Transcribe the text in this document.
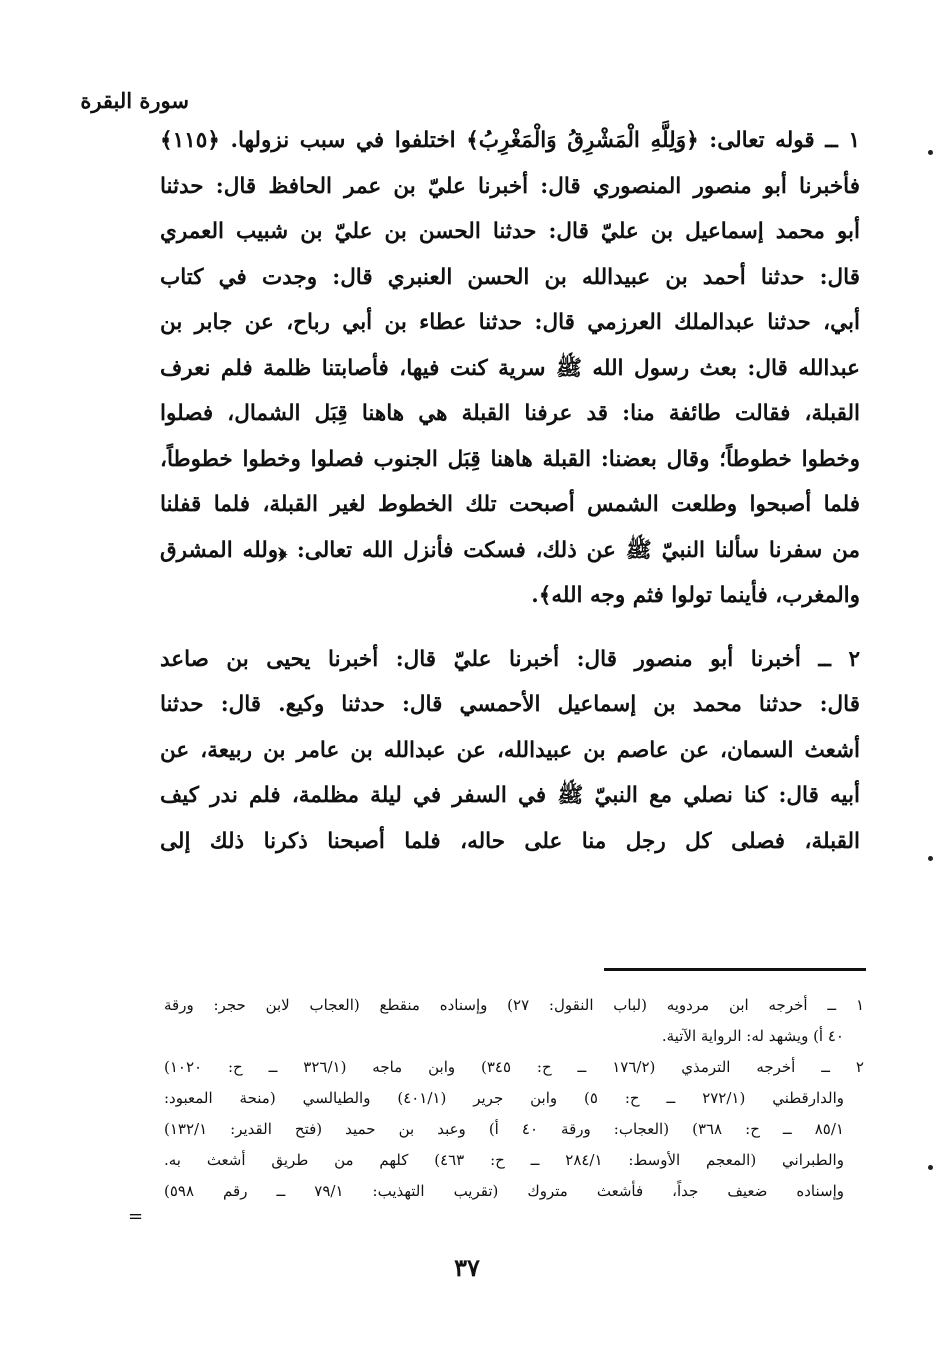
سورة البقرة
١ ــ قوله تعالى: ﴿وَلِلَّهِ الْمَشْرِقُ وَالْمَغْرِبُ﴾ اختلفوا في سبب نزولها. ﴿١١٥﴾
فأخبرنا أبو منصور المنصوري قال: أخبرنا عليّ بن عمر الحافظ قال: حدثنا
أبو محمد إسماعيل بن عليّ قال: حدثنا الحسن بن عليّ بن شبيب العمري
قال: حدثنا أحمد بن عبيدالله بن الحسن العنبري قال: وجدت في كتاب
أبي، حدثنا عبدالملك العرزمي قال: حدثنا عطاء بن أبي رباح، عن جابر بن
عبدالله قال: بعث رسول الله ﷺ سرية كنت فيها، فأصابتنا ظلمة فلم نعرف
القبلة، فقالت طائفة منا: قد عرفنا القبلة هي هاهنا قِبَل الشمال، فصلوا
وخطوا خطوطاً؛ وقال بعضنا: القبلة هاهنا قِبَل الجنوب فصلوا وخطوا خطوطاً،
فلما أصبحوا وطلعت الشمس أصبحت تلك الخطوط لغير القبلة، فلما قفلنا
من سفرنا سألنا النبيّ ﷺ عن ذلك، فسكت فأنزل الله تعالى: ﴿ولله المشرق
والمغرب، فأينما تولوا فثم وجه الله﴾.
٢ ــ أخبرنا أبو منصور قال: أخبرنا عليّ قال: أخبرنا يحيى بن صاعد
قال: حدثنا محمد بن إسماعيل الأحمسي قال: حدثنا وكيع. قال: حدثنا
أشعث السمان، عن عاصم بن عبيدالله، عن عبدالله بن عامر بن ربيعة، عن
أبيه قال: كنا نصلي مع النبيّ ﷺ في السفر في ليلة مظلمة، فلم ندر كيف
القبلة، فصلى كل رجل منا على حاله، فلما أصبحنا ذكرنا ذلك إلى
١ ــ أخرجه ابن مردويه (لباب النقول: ٢٧) وإسناده منقطع (العجاب لابن حجر: ورقة
٤٠ أ) ويشهد له: الرواية الآتية.
٢ ــ أخرجه الترمذي (١٧٦/٢ ــ ح: ٣٤٥) وابن ماجه (٣٢٦/١ ــ ح: ١٠٢٠)
والدارقطني (٢٧٢/١ ــ ح: ٥) وابن جرير (٤٠١/١) والطيالسي (منحة المعبود:
٨٥/١ ــ ح: ٣٦٨) (العجاب: ورقة ٤٠ أ) وعبد بن حميد (فتح القدير: ١٣٢/١)
والطبراني (المعجم الأوسط: ٢٨٤/١ ــ ح: ٤٦٣) كلهم من طريق أشعث به.
وإسناده ضعيف جداً، فأشعث متروك (تقريب التهذيب: ٧٩/١ ــ رقم ٥٩٨)
=
٣٧
